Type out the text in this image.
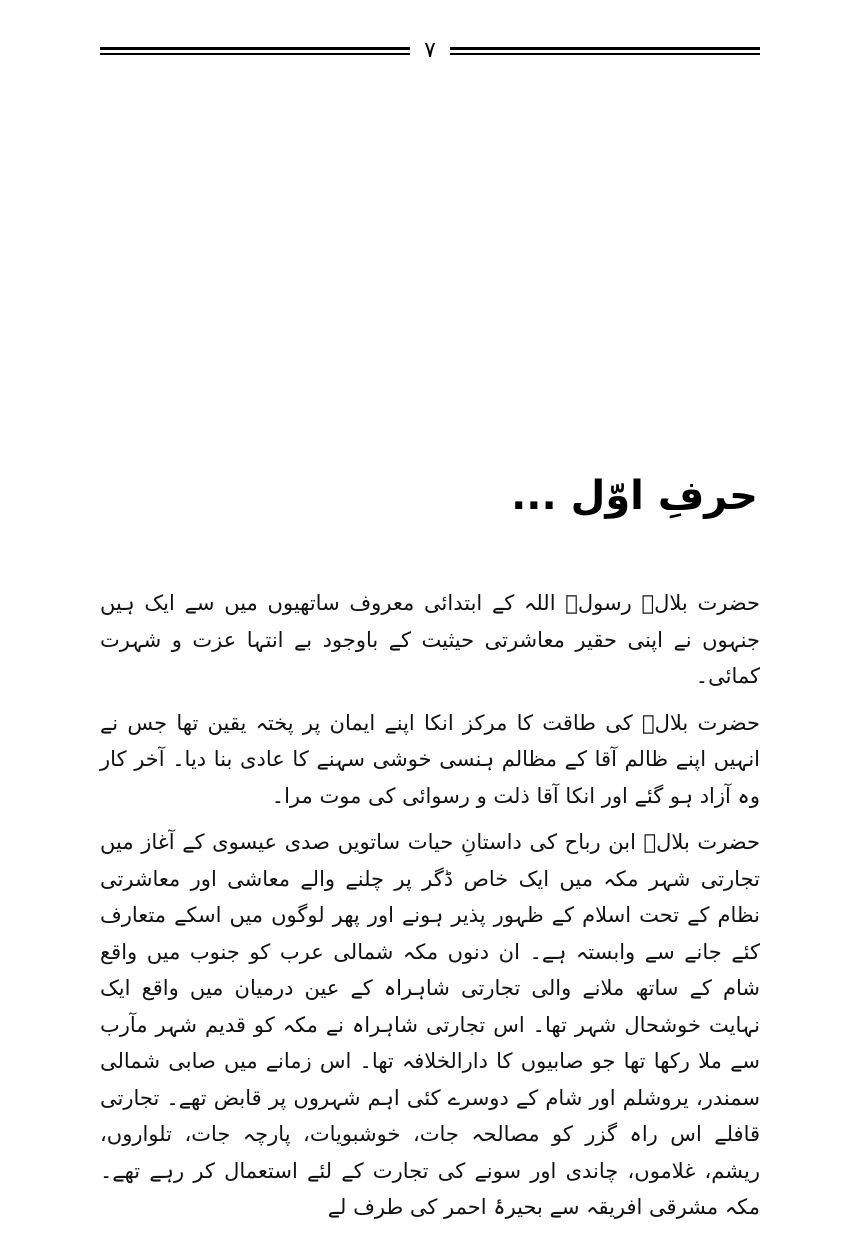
۷
حرفِ اوّل ...

حضرت بلالؓ رسولؐ اللہ کے ابتدائی معروف ساتھیوں میں سے ایک ہیں جنہوں نے اپنی حقیر معاشرتی حیثیت کے باوجود بے انتہا عزت و شہرت کمائی۔

حضرت بلالؓ کی طاقت کا مرکز انکا اپنے ایمان پر پختہ یقین تھا جس نے انہیں اپنے ظالم آقا کے مظالم ہنسی خوشی سہنے کا عادی بنا دیا۔ آخر کار وہ آزاد ہو گئے اور انکا آقا ذلت و رسوائی کی موت مرا۔

حضرت بلالؓ ابن رباح کی داستانِ حیات ساتویں صدی عیسوی کے آغاز میں تجارتی شہر مکہ میں ایک خاص ڈگر پر چلنے والے معاشی اور معاشرتی نظام کے تحت اسلام کے ظہور پذیر ہونے اور پھر لوگوں میں اسکے متعارف کئے جانے سے وابستہ ہے۔ ان دنوں مکہ شمالی عرب کو جنوب میں واقع شام کے ساتھ ملانے والی تجارتی شاہراہ کے عین درمیان میں واقع ایک نہایت خوشحال شہر تھا۔ اس تجارتی شاہراہ نے مکہ کو قدیم شہر مآرب سے ملا رکھا تھا جو صابیوں کا دارالخلافہ تھا۔ اس زمانے میں صابی شمالی سمندر، یروشلم اور شام کے دوسرے کئی اہم شہروں پر قابض تھے۔ تجارتی قافلے اس راہ گزر کو مصالحہ جات، خوشبویات، پارچہ جات، تلواروں، ریشم، غلاموں، چاندی اور سونے کی تجارت کے لئے استعمال کر رہے تھے۔ مکہ مشرقی افریقہ سے بحیرۂ احمر کی طرف لے
